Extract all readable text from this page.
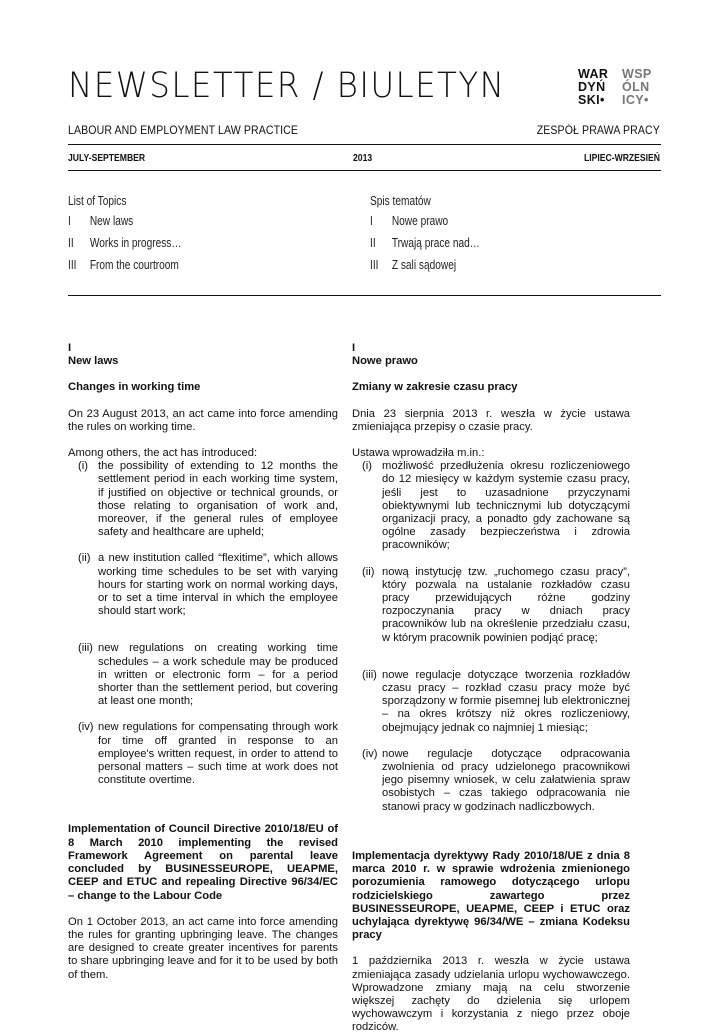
NEWSLETTER / BIULETYN	WAR
DYŃ
SKI•
WSP
ÓLN
ICY•
LABOUR AND EMPLOYMENT LAW PRACTICE	ZESPÓŁ PRAWA PRACY
JULY-SEPTEMBER	2013	LIPIEC-WRZESIEŃ
List of Topics
I New laws
II Works in progress…
III From the courtroom
Spis tematów
I Nowe prawo
II Trwają prace nad…
III Z sali sądowej
I
New laws
Changes in working time
On 23 August 2013, an act came into force amending the rules on working time.
Among others, the act has introduced:
(i) the possibility of extending to 12 months the settlement period in each working time system, if justified on objective or technical grounds, or those relating to organisation of work and, moreover, if the general rules of employee safety and healthcare are upheld;
(ii) a new institution called “flexitime”, which allows working time schedules to be set with varying hours for starting work on normal working days, or to set a time interval in which the employee should start work;
(iii) new regulations on creating working time schedules – a work schedule may be produced in written or electronic form – for a period shorter than the settlement period, but covering at least one month;
(iv) new regulations for compensating through work for time off granted in response to an employee's written request, in order to attend to personal matters – such time at work does not constitute overtime.
Implementation of Council Directive 2010/18/EU of 8 March 2010 implementing the revised Framework Agreement on parental leave concluded by BUSINESSEUROPE, UEAPME, CEEP and ETUC and repealing Directive 96/34/EC – change to the Labour Code
On 1 October 2013, an act came into force amending the rules for granting upbringing leave. The changes are designed to create greater incentives for parents to share upbringing leave and for it to be used by both of them.
I
Nowe prawo
Zmiany w zakresie czasu pracy
Dnia 23 sierpnia 2013 r. weszła w życie ustawa zmieniająca przepisy o czasie pracy.
Ustawa wprowadziła m.in.:
(i) możliwość przedłużenia okresu rozliczeniowego do 12 miesięcy w każdym systemie czasu pracy, jeśli jest to uzasadnione przyczynami obiektywnymi lub technicznymi lub dotyczącymi organizacji pracy, a ponadto gdy zachowane są ogólne zasady bezpieczeństwa i zdrowia pracowników;
(ii) nową instytucję tzw. „ruchomego czasu pracy”, który pozwala na ustalanie rozkładów czasu pracy przewidujących różne godziny rozpoczynania pracy w dniach pracy pracowników lub na określenie przedziału czasu, w którym pracownik powinien podjąć pracę;
(iii) nowe regulacje dotyczące tworzenia rozkładów czasu pracy – rozkład czasu pracy może być sporządzony w formie pisemnej lub elektronicznej – na okres krótszy niż okres rozliczeniowy, obejmujący jednak co najmniej 1 miesiąc;
(iv) nowe regulacje dotyczące odpracowania zwolnienia od pracy udzielonego pracownikowi jego pisemny wniosek, w celu załatwienia spraw osobistych – czas takiego odpracowania nie stanowi pracy w godzinach nadliczbowych.
Implementacja dyrektywy Rady 2010/18/UE z dnia 8 marca 2010 r. w sprawie wdrożenia zmienionego porozumienia ramowego dotyczącego urlopu rodzicielskiego zawartego przez BUSINESSEUROPE, UEAPME, CEEP i ETUC oraz uchylająca dyrektywę 96/34/WE – zmiana Kodeksu pracy
1 października 2013 r. weszła w życie ustawa zmieniająca zasady udzielania urlopu wychowawczego. Wprowadzone zmiany mają na celu stworzenie większej zachęty do dzielenia się urlopem wychowawczym i korzystania z niego przez oboje rodziców.
